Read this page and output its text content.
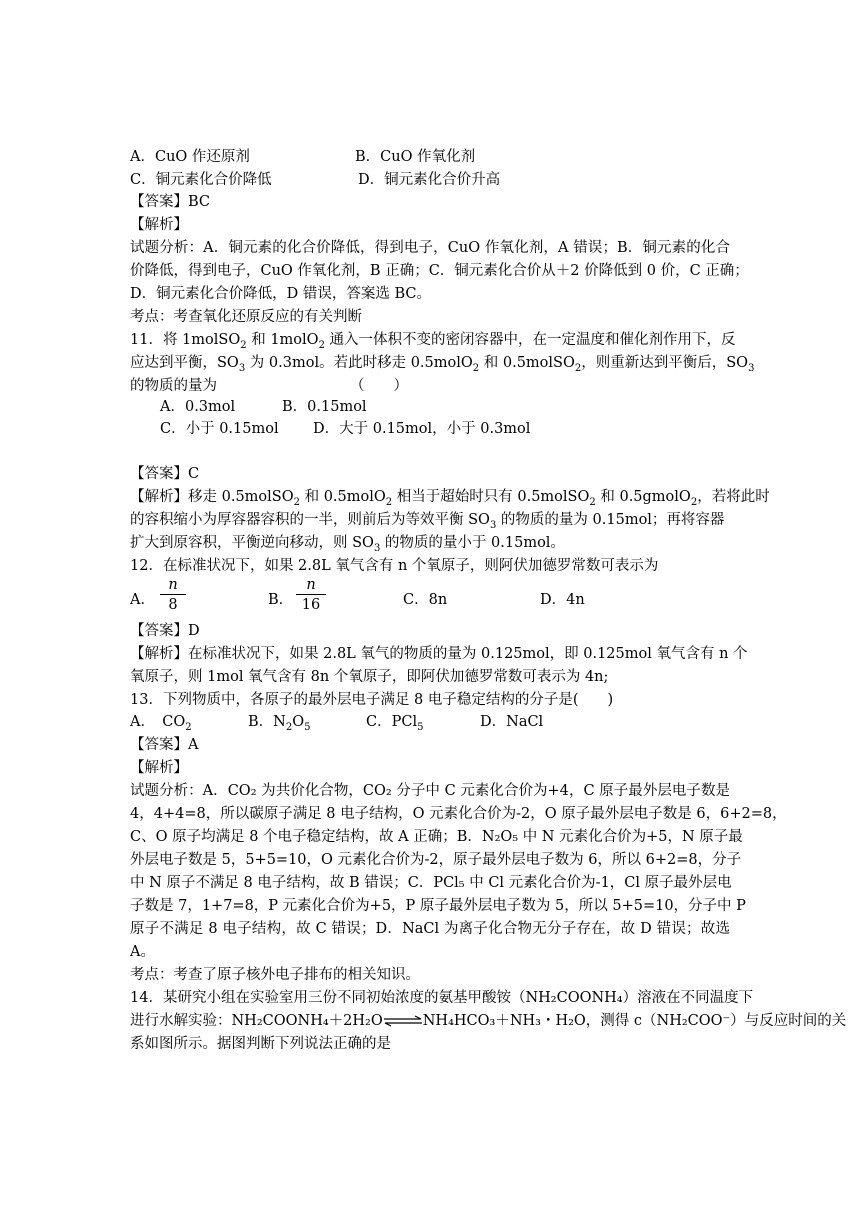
A．CuO 作还原剂	B．CuO 作氧化剂
C．铜元素化合价降低	D．铜元素化合价升高
【答案】BC
【解析】
试题分析：A．铜元素的化合价降低，得到电子，CuO 作氧化剂，A 错误；B．铜元素的化合
价降低，得到电子，CuO 作氧化剂，B 正确；C．铜元素化合价从＋2 价降低到 0 价，C 正确；
D．铜元素化合价降低，D 错误，答案选 BC。
考点：考查氧化还原反应的有关判断
11．将 1molSO$_2$ 和 1molO$_2$ 通入一体积不变的密闭容器中，在一定温度和催化剂作用下，反
应达到平衡，$SO_3$ 为 0.3mol。若此时移走 0.5molO$_2$ 和 0.5molSO$_2$，则重新达到平衡后，$SO_3$
的物质的量为	（　　）
A．0.3mol	B．0.15mol
C．小于 0.15mol D．大于 0.15mol，小于 0.3mol
【答案】C
【解析】移走 0.5molSO$_2$ 和 0.5molO$_2$ 相当于超始时只有 0.5molSO$_2$ 和 0.5gmolO$_2$，若将此时
的容积缩小为厚容器容积的一半，则前后为等效平衡 $SO_3$ 的物质的量为 0.15mol；再将容器
扩大到原容积，平衡逆向移动，则 $SO_3$ 的物质的量小于 0.15mol。
12．在标准状况下，如果 2.8L 氧气含有 n 个氧原子，则阿伏加德罗常数可表示为
A．
n
8	B．
n
16	C．8n	D．4n
【答案】D
【解析】在标准状况下，如果 2.8L 氧气的物质的量为 0.125mol，即 0.125mol 氧气含有 n 个
氧原子，则 1mol 氧气含有 8n 个氧原子，即阿伏加德罗常数可表示为 4n;
13．下列物质中，各原子的最外层电子满足 8 电子稳定结构的分子是(　　)
A．　$CO_2$	B．$N_2O_5$	C．PCl$_5$	D．NaCl
【答案】A
【解析】
试题分析：A．CO₂ 为共价化合物，CO₂ 分子中 C 元素化合价为+4，C 原子最外层电子数是
4，4+4=8，所以碳原子满足 8 电子结构，O 元素化合价为-2，O 原子最外层电子数是 6，6+2=8，
C、O 原子均满足 8 个电子稳定结构，故 A 正确；B．N₂O₅ 中 N 元素化合价为+5，N 原子最
外层电子数是 5，5+5=10，O 元素化合价为-2，原子最外层电子数为 6，所以 6+2=8，分子
中 N 原子不满足 8 电子结构，故 B 错误；C．PCl₅ 中 Cl 元素化合价为-1，Cl 原子最外层电
子数是 7，1+7=8，P 元素化合价为+5，P 原子最外层电子数为 5，所以 5+5=10，分子中 P
原子不满足 8 电子结构，故 C 错误；D．NaCl 为离子化合物无分子存在，故 D 错误；故选
A。
考点：考查了原子核外电子排布的相关知识。
14．某研究小组在实验室用三份不同初始浓度的氨基甲酸铵（NH₂COONH₄）溶液在不同温度下
进行水解实验：NH₂COONH₄＋2H₂O⇌NH₄HCO₃＋NH₃・H₂O，测得 c（NH₂COO⁻）与反应时间的关
系如图所示。据图判断下列说法正确的是
